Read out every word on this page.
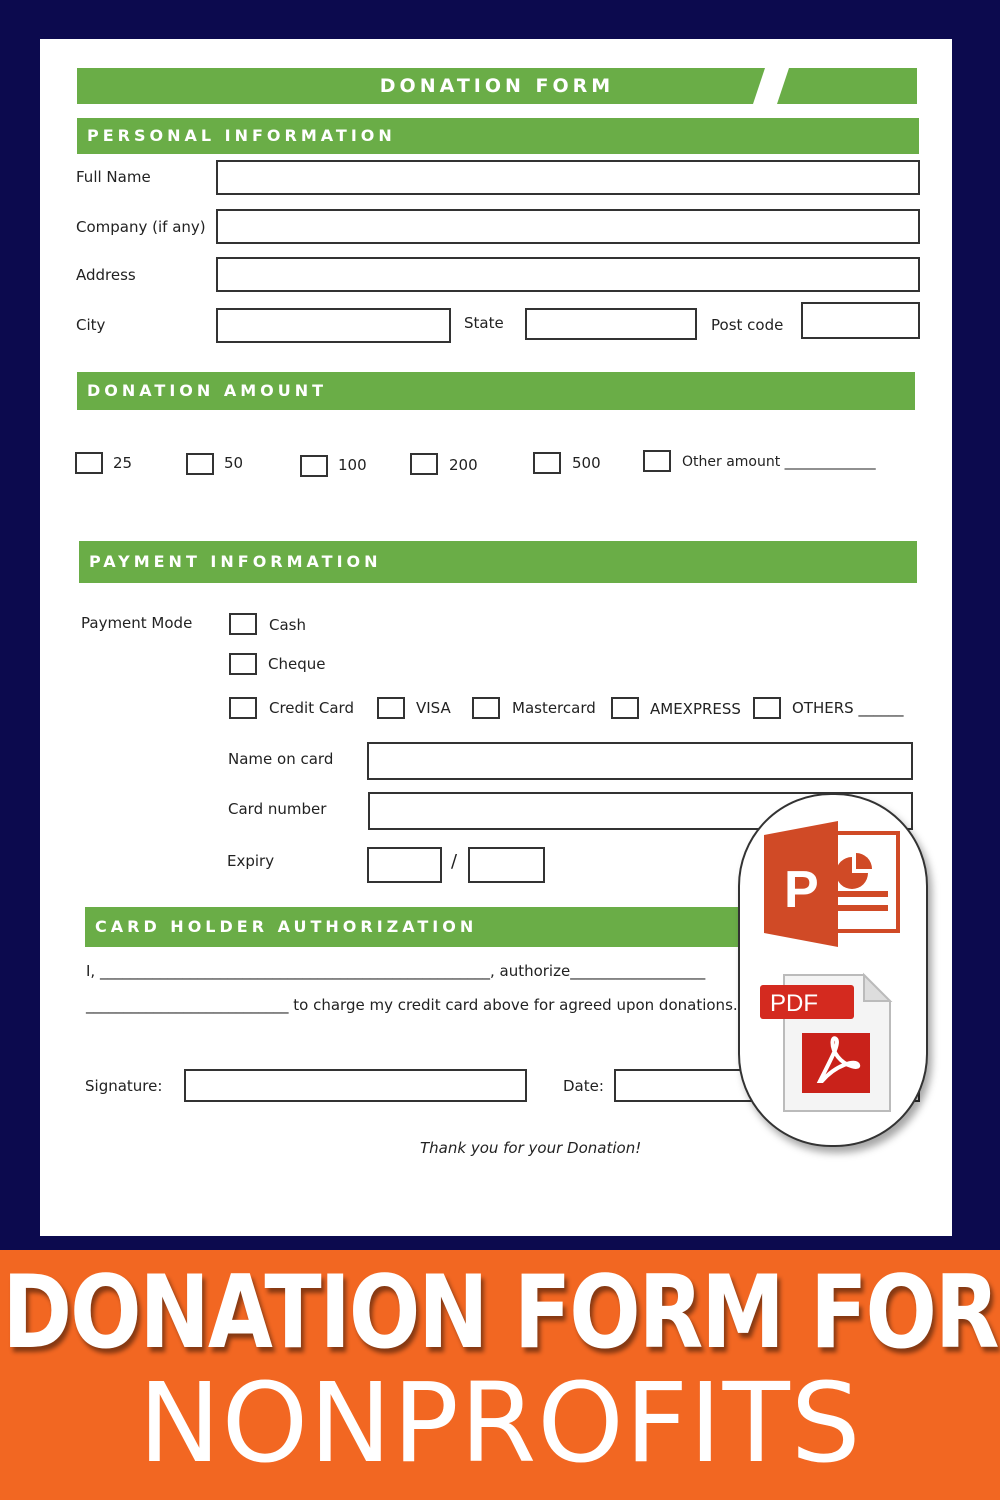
DONATION FORM
PERSONAL INFORMATION
Full Name
Company (if any)
Address
City	State	Post code
DONATION AMOUNT
25	50	100	200	500	Other amount _____________
PAYMENT INFORMATION
Payment Mode	Cash
Cheque
Credit Card	VISA	Mastercard	AMEXPRESS	OTHERS ______
Name on card
Card number
Expiry	/
CARD HOLDER AUTHORIZATION
I, ____________________________________________________, authorize__________________
___________________________ to charge my credit card above for agreed upon donations.
Signature:	Date:
Thank you for your Donation!
P
PDF
DONATION FORM FOR
NONPROFITS
